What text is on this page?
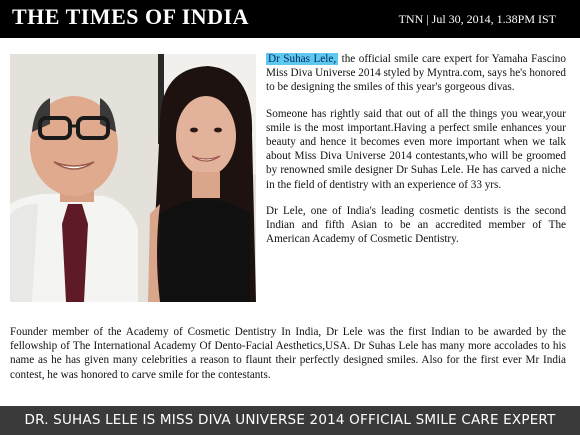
THE TIMES OF INDIA	TNN | Jul 30, 2014, 1.38PM IST

Dr Suhas Lele, the official smile care expert for Yamaha Fascino Miss Diva Universe 2014 styled by Myntra.com, says he's honored to be designing the smiles of this year's gorgeous divas.

Someone has rightly said that out of all the things you wear,your smile is the most important.Having a perfect smile enhances your beauty and hence it becomes even more important when we talk about Miss Diva Universe 2014 contestants,who will be groomed by renowned smile designer Dr Suhas Lele. He has carved a niche in the field of dentistry with an experience of 33 yrs.

Dr Lele, one of India's leading cosmetic dentists is the second Indian and fifth Asian to be an accredited member of The American Academy of Cosmetic Dentistry.

Founder member of the Academy of Cosmetic Dentistry In India, Dr Lele was the first Indian to be awarded by the fellowship of The International Academy Of Dento-Facial Aesthetics,USA. Dr Suhas Lele has many more accolades to his name as he has given many celebrities a reason to flaunt their perfectly designed smiles. Also for the first ever Mr India contest, he was honored to carve smile for the contestants.

DR. SUHAS LELE IS MISS DIVA UNIVERSE 2014 OFFICIAL SMILE CARE EXPERT
